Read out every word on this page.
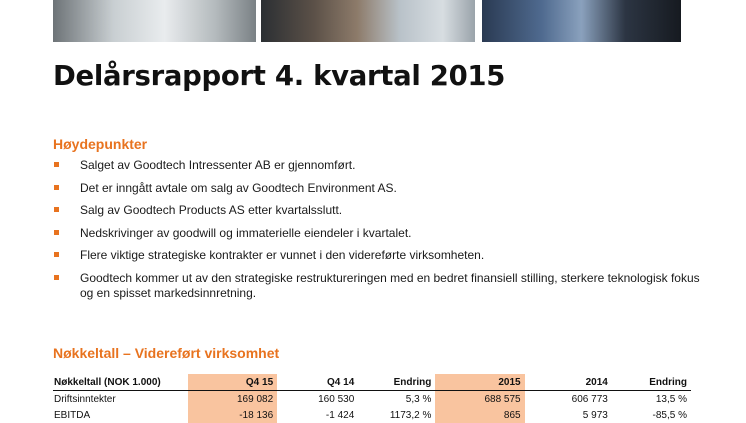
Delårsrapport 4. kvartal 2015
Høydepunkter
Salget av Goodtech Intressenter AB er gjennomført.
Det er inngått avtale om salg av Goodtech Environment AS.
Salg av Goodtech Products AS etter kvartalsslutt.
Nedskrivinger av goodwill og immaterielle eiendeler i kvartalet.
Flere viktige strategiske kontrakter er vunnet i den videreførte virksomheten.
Goodtech kommer ut av den strategiske restruktureringen med en bedret finansiell stilling, sterkere teknologisk fokus og en spisset markedsinnretning.
Nøkkeltall – Videreført virksomhet
Nøkkeltall (NOK 1.000)	Q4 15	Q4 14	Endring	2015	2014	Endring
Driftsinntekter	169 082	160 530	5,3 %	688 575	606 773	13,5 %
EBITDA	-18 136	-1 424	1173,2 %	865	5 973	-85,5 %
